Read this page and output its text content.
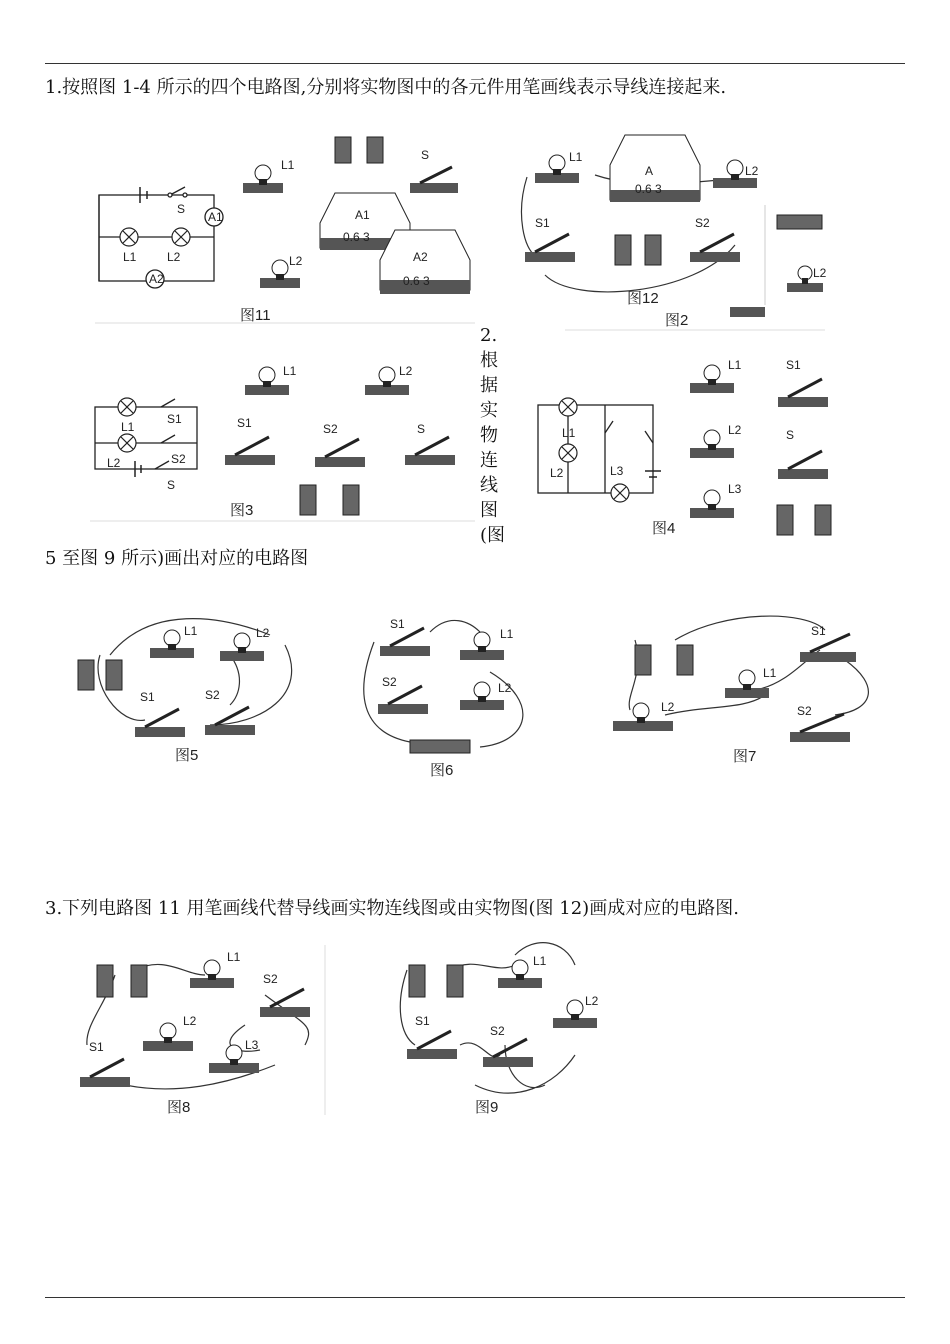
1.按照图 1-4 所示的四个电路图,分别将实物图中的各元件用笔画线表示导线连接起来.
2.根据实物连线图(图
5 至图 9 所示)画出对应的电路图
3.下列电路图 11 用笔画线代替导线画实物连线图或由实物图(图 12)画成对应的电路图.
S
A1
L1	L2
A2
L1
L2
S
A1
0.6 3
A2
0.6 3
图11
L1
A
0.6 3
L2
S1	S2
图12
L2
图2
L1
L2
S1
S2
S
L1	L2
S1	S2	S
图3
L1
L2	L3
L1
L2
L3
S1
S
图4
L1	L2
S1	S2
图5
S1
L1
S2	L2
图6
S1
L1
L2	S2
图7
L1
S2
L2
S1	L3
图8
L1
L2
S1
S2
图9
